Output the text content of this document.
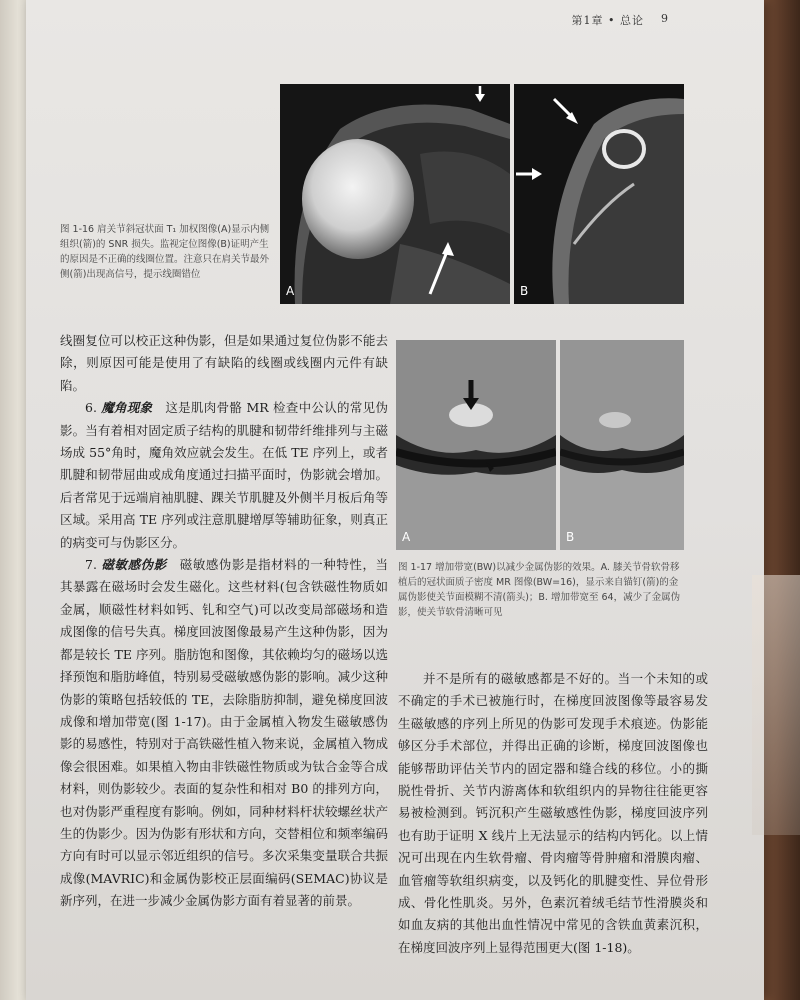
第1章 • 总论 9
A	B
图 1-16 肩关节斜冠状面 T₁ 加权图像(A)显示内侧组织(箭)的 SNR 损失。监视定位图像(B)证明产生的原因是不正确的线圈位置。注意只在肩关节最外侧(箭)出现高信号，提示线圈错位

线圈复位可以校正这种伪影，但是如果通过复位伪影不能去除，则原因可能是使用了有缺陷的线圈或线圈内元件有缺陷。

6. 魔角现象　 这是肌肉骨骼 MR 检查中公认的常见伪影。当有着相对固定质子结构的肌腱和韧带纤维排列与主磁场成 55°角时，魔角效应就会发生。在低 TE 序列上，或者肌腱和韧带屈曲或成角度通过扫描平面时，伪影就会增加。后者常见于远端肩袖肌腱、踝关节肌腱及外侧半月板后角等区域。采用高 TE 序列或注意肌腱增厚等辅助征象，则真正的病变可与伪影区分。

7. 磁敏感伪影　 磁敏感伪影是指材料的一种特性，当其暴露在磁场时会发生磁化。这些材料(包含铁磁性物质如金属，顺磁性材料如钙、钆和空气)可以改变局部磁场和造成图像的信号失真。梯度回波图像最易产生这种伪影，因为都是较长 TE 序列。脂肪饱和图像，其依赖均匀的磁场以选择预饱和脂肪峰值，特别易受磁敏感伪影的影响。减少这种伪影的策略包括较低的 TE，去除脂肪抑制，避免梯度回波成像和增加带宽(图 1-17)。由于金属植入物发生磁敏感伪影的易感性，特别对于高铁磁性植入物来说，金属植入物成像会很困难。如果植入物由非铁磁性物质或为钛合金等合成材料，则伪影较少。表面的复杂性和相对 B0 的排列方向，也对伪影严重程度有影响。例如，同种材料杆状较螺丝状产生的伪影少。因为伪影有形状和方向，交替相位和频率编码方向有时可以显示邻近组织的信号。多次采集变量联合共振成像(MAVRIC)和金属伪影校正层面编码(SEMAC)协议是新序列，在进一步减少金属伪影方面有着显著的前景。

A	B
图 1-17 增加带宽(BW)以减少金属伪影的效果。A. 膝关节骨软骨移植后的冠状面质子密度 MR 图像(BW=16)，显示来自锚钉(箭)的金属伪影使关节面模糊不清(箭头)；B. 增加带宽至 64，减少了金属伪影，使关节软骨清晰可见

并不是所有的磁敏感都是不好的。当一个未知的或不确定的手术已被施行时，在梯度回波图像等最容易发生磁敏感的序列上所见的伪影可发现手术痕迹。伪影能够区分手术部位，并得出正确的诊断，梯度回波图像也能够帮助评估关节内的固定器和缝合线的移位。小的撕脱性骨折、关节内游离体和软组织内的异物往往能更容易被检测到。钙沉积产生磁敏感性伪影，梯度回波序列也有助于证明 X 线片上无法显示的结构内钙化。以上情况可出现在内生软骨瘤、骨肉瘤等骨肿瘤和滑膜肉瘤、血管瘤等软组织病变，以及钙化的肌腱变性、异位骨形成、骨化性肌炎。另外，色素沉着绒毛结节性滑膜炎和如血友病的其他出血性情况中常见的含铁血黄素沉积，在梯度回波序列上显得范围更大(图 1-18)。
